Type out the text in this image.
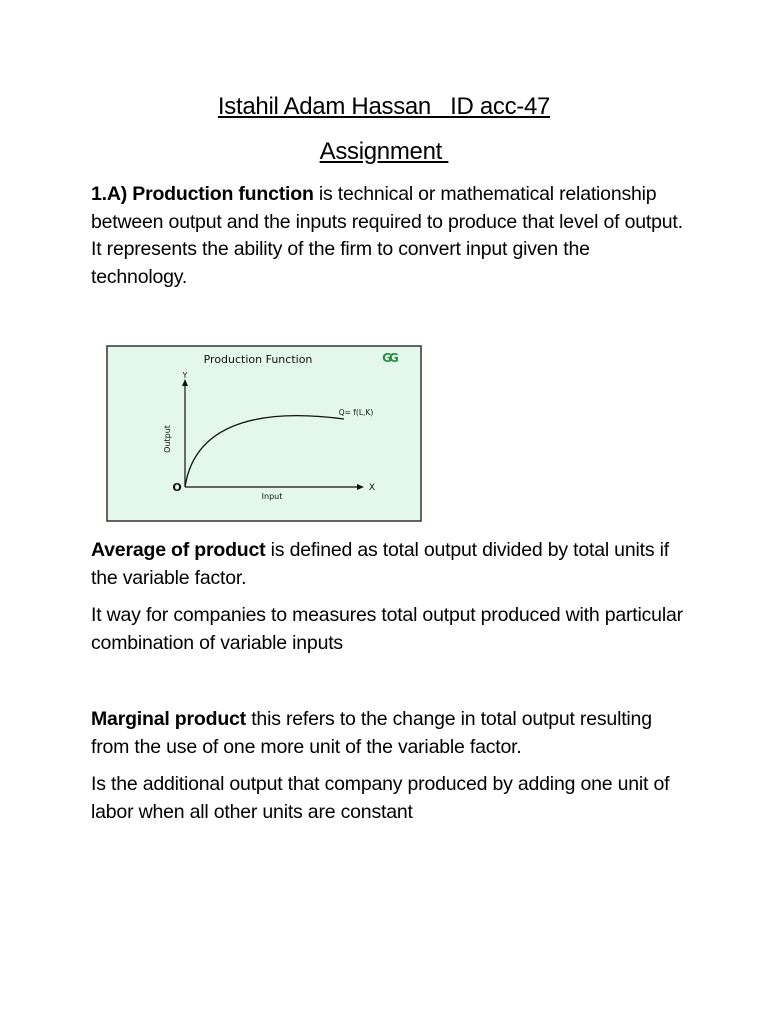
Istahil Adam Hassan   ID acc-47
Assignment

1.A) Production function is technical or mathematical relationship between output and the inputs required to produce that level of output. It represents the ability of the firm to convert input given the technology.

Production Function	GG
Y
X
O
Output
Input
Q= f(L,K)

Average of product is defined as total output divided by total units if the variable factor.

It way for companies to measures total output produced with particular combination of variable inputs

Marginal product this refers to the change in total output resulting from the use of one more unit of the variable factor.

Is the additional output that company produced by adding one unit of labor when all other units are constant
